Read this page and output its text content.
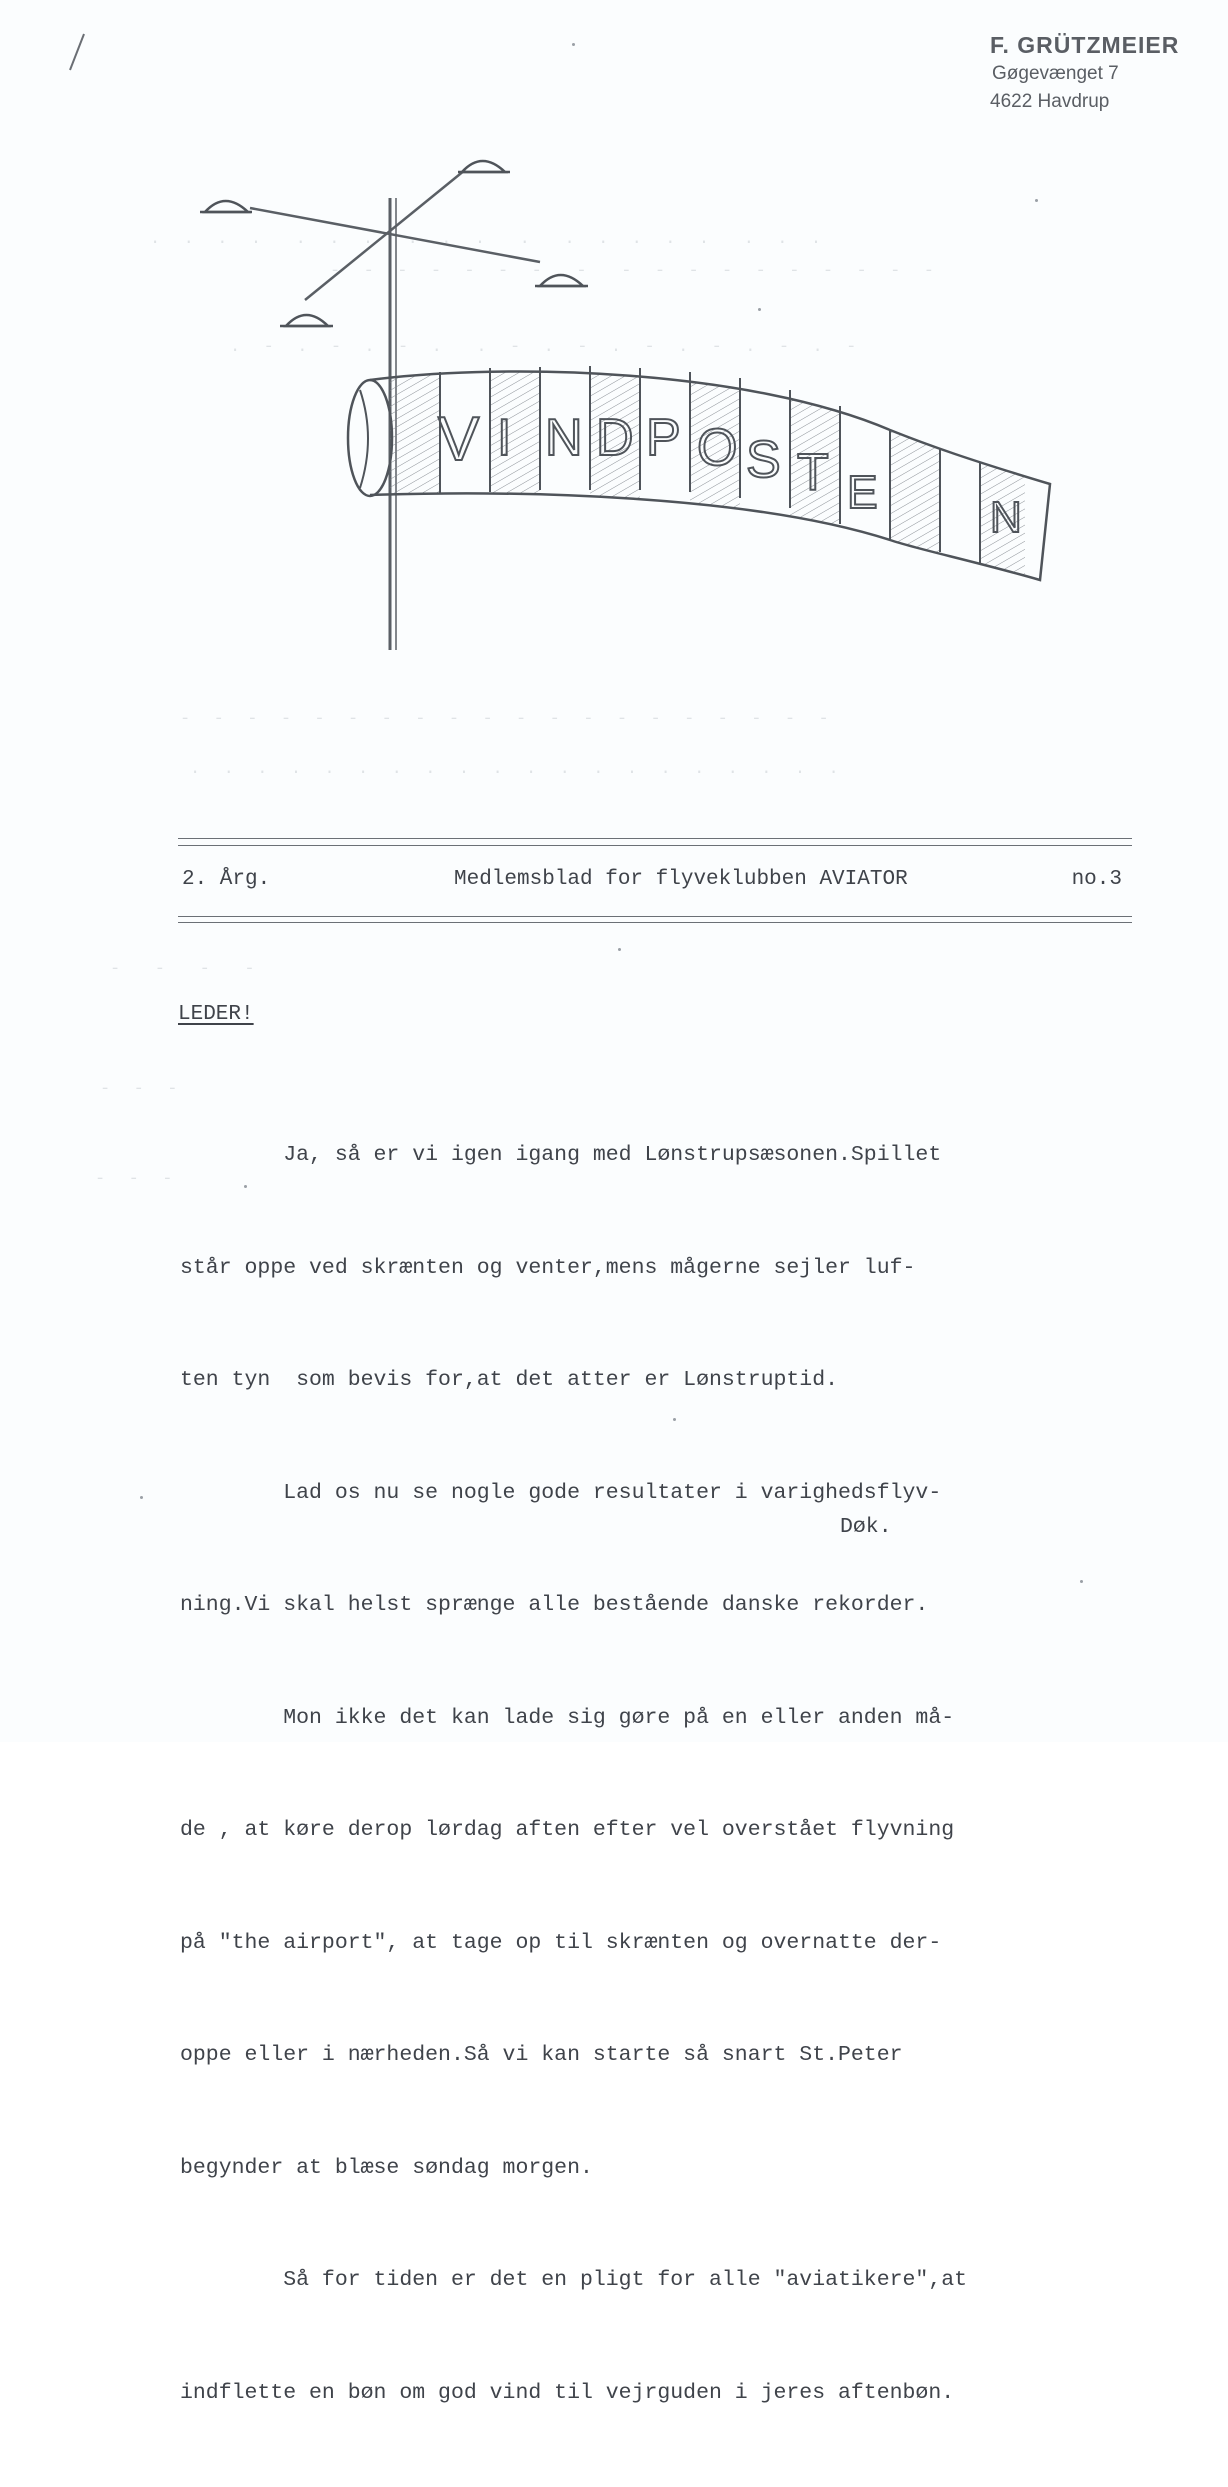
.  .  .  .   .  .  .   .  .  .   .   .  .  .  .  .   .  .  .
-  -  -  -  -  -  -   -   -  -  -  -  -  -  -  -  -  -
.  -  .  -  .  -  .   .  -  .  -  .  -  .  -  .  -  .  -
-  -  -  -  -  -  -  -  -  -  -  -  -  -  -  -  -  -  -  -
.  .  .  .  .  .  .  .  .  .  .  .  .  .  .  .  .  .  .  .
-   -   -   -
-  -  -
-  -  -
F. GRÜTZMEIER
Gøgevænget 7
4622 Havdrup
V I N D P O S T E	N
2. Årg.	Medlemsblad for flyveklubben AVIATOR	no.3
LEDER!

Ja, så er vi igen igang med Lønstrupsæsonen.Spillet

står oppe ved skrænten og venter,mens mågerne sejler luf-

ten tyn  som bevis for,at det atter er Lønstruptid.

Lad os nu se nogle gode resultater i varighedsflyv-

ning.Vi skal helst sprænge alle bestående danske rekorder.

Mon ikke det kan lade sig gøre på en eller anden må-

de , at køre derop lørdag aften efter vel overstået flyvning

på "the airport", at tage op til skrænten og overnatte der-

oppe eller i nærheden.Så vi kan starte så snart St.Peter

begynder at blæse søndag morgen.

Så for tiden er det en pligt for alle "aviatikere",at

indflette en bøn om god vind til vejrguden i jeres aftenbøn.

Døk.
